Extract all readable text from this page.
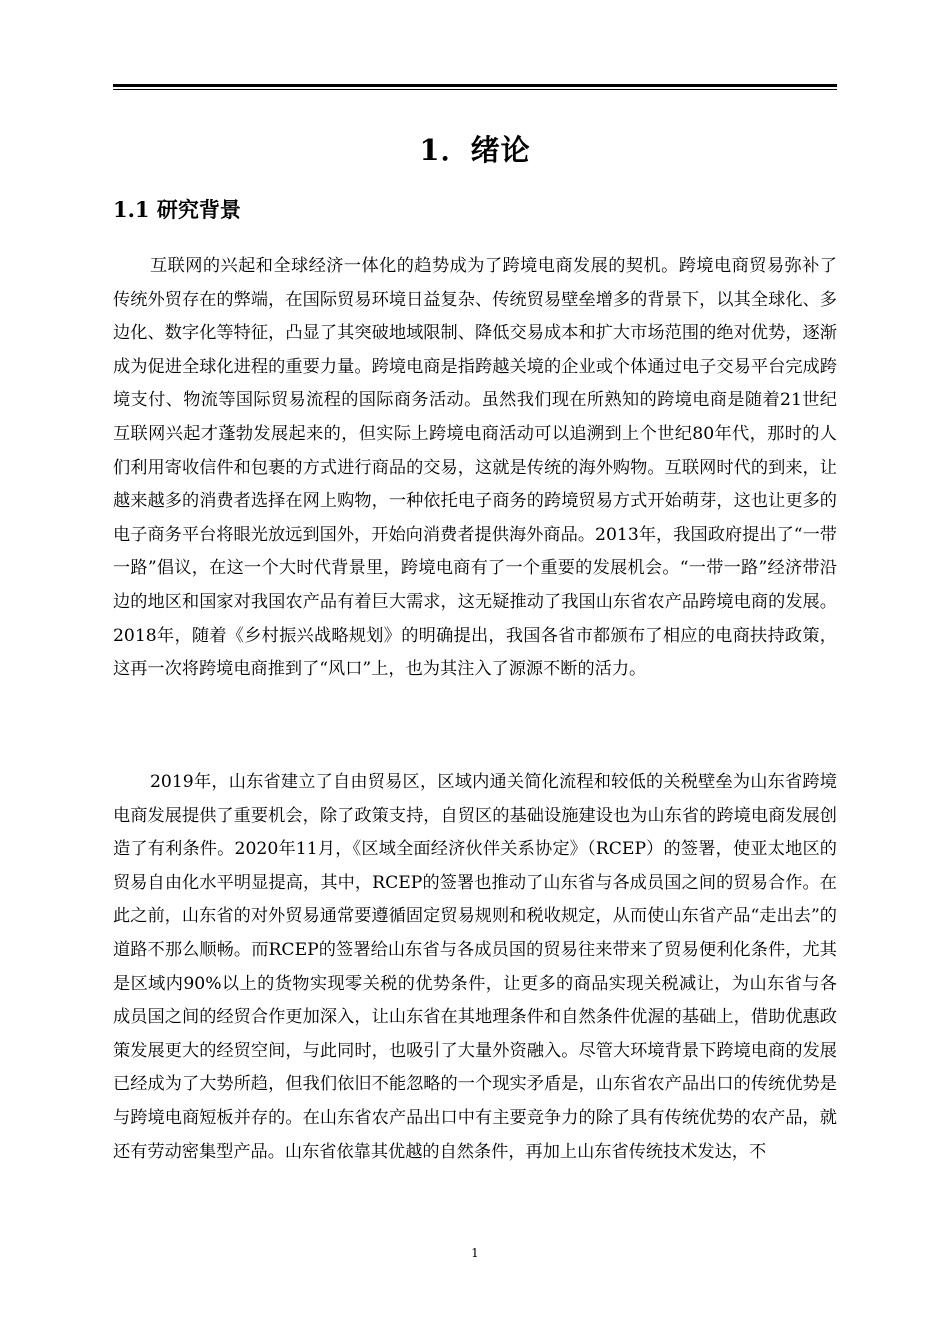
1．绪论
1.1 研究背景

互联网的兴起和全球经济一体化的趋势成为了跨境电商发展的契机。跨境电商贸易弥补了传统外贸存在的弊端，在国际贸易环境日益复杂、传统贸易壁垒增多的背景下，以其全球化、多边化、数字化等特征，凸显了其突破地域限制、降低交易成本和扩大市场范围的绝对优势，逐渐成为促进全球化进程的重要力量。跨境电商是指跨越关境的企业或个体通过电子交易平台完成跨境支付、物流等国际贸易流程的国际商务活动。虽然我们现在所熟知的跨境电商是随着21世纪互联网兴起才蓬勃发展起来的，但实际上跨境电商活动可以追溯到上个世纪80年代，那时的人们利用寄收信件和包裹的方式进行商品的交易，这就是传统的海外购物。互联网时代的到来，让越来越多的消费者选择在网上购物，一种依托电子商务的跨境贸易方式开始萌芽，这也让更多的电子商务平台将眼光放远到国外，开始向消费者提供海外商品。2013年，我国政府提出了“一带一路”倡议，在这一个大时代背景里，跨境电商有了一个重要的发展机会。“一带一路”经济带沿边的地区和国家对我国农产品有着巨大需求，这无疑推动了我国山东省农产品跨境电商的发展。2018年，随着《乡村振兴战略规划》的明确提出，我国各省市都颁布了相应的电商扶持政策，这再一次将跨境电商推到了“风口”上，也为其注入了源源不断的活力。

2019年，山东省建立了自由贸易区，区域内通关简化流程和较低的关税壁垒为山东省跨境电商发展提供了重要机会，除了政策支持，自贸区的基础设施建设也为山东省的跨境电商发展创造了有利条件。2020年11月，《区域全面经济伙伴关系协定》（RCEP）的签署，使亚太地区的贸易自由化水平明显提高，其中，RCEP的签署也推动了山东省与各成员国之间的贸易合作。在此之前，山东省的对外贸易通常要遵循固定贸易规则和税收规定，从而使山东省产品“走出去”的道路不那么顺畅。而RCEP的签署给山东省与各成员国的贸易往来带来了贸易便利化条件，尤其是区域内90%以上的货物实现零关税的优势条件，让更多的商品实现关税减让，为山东省与各成员国之间的经贸合作更加深入，让山东省在其地理条件和自然条件优渥的基础上，借助优惠政策发展更大的经贸空间，与此同时，也吸引了大量外资融入。尽管大环境背景下跨境电商的发展已经成为了大势所趋，但我们依旧不能忽略的一个现实矛盾是，山东省农产品出口的传统优势是与跨境电商短板并存的。在山东省农产品出口中有主要竞争力的除了具有传统优势的农产品，就还有劳动密集型产品。山东省依靠其优越的自然条件，再加上山东省传统技术发达，不

1
